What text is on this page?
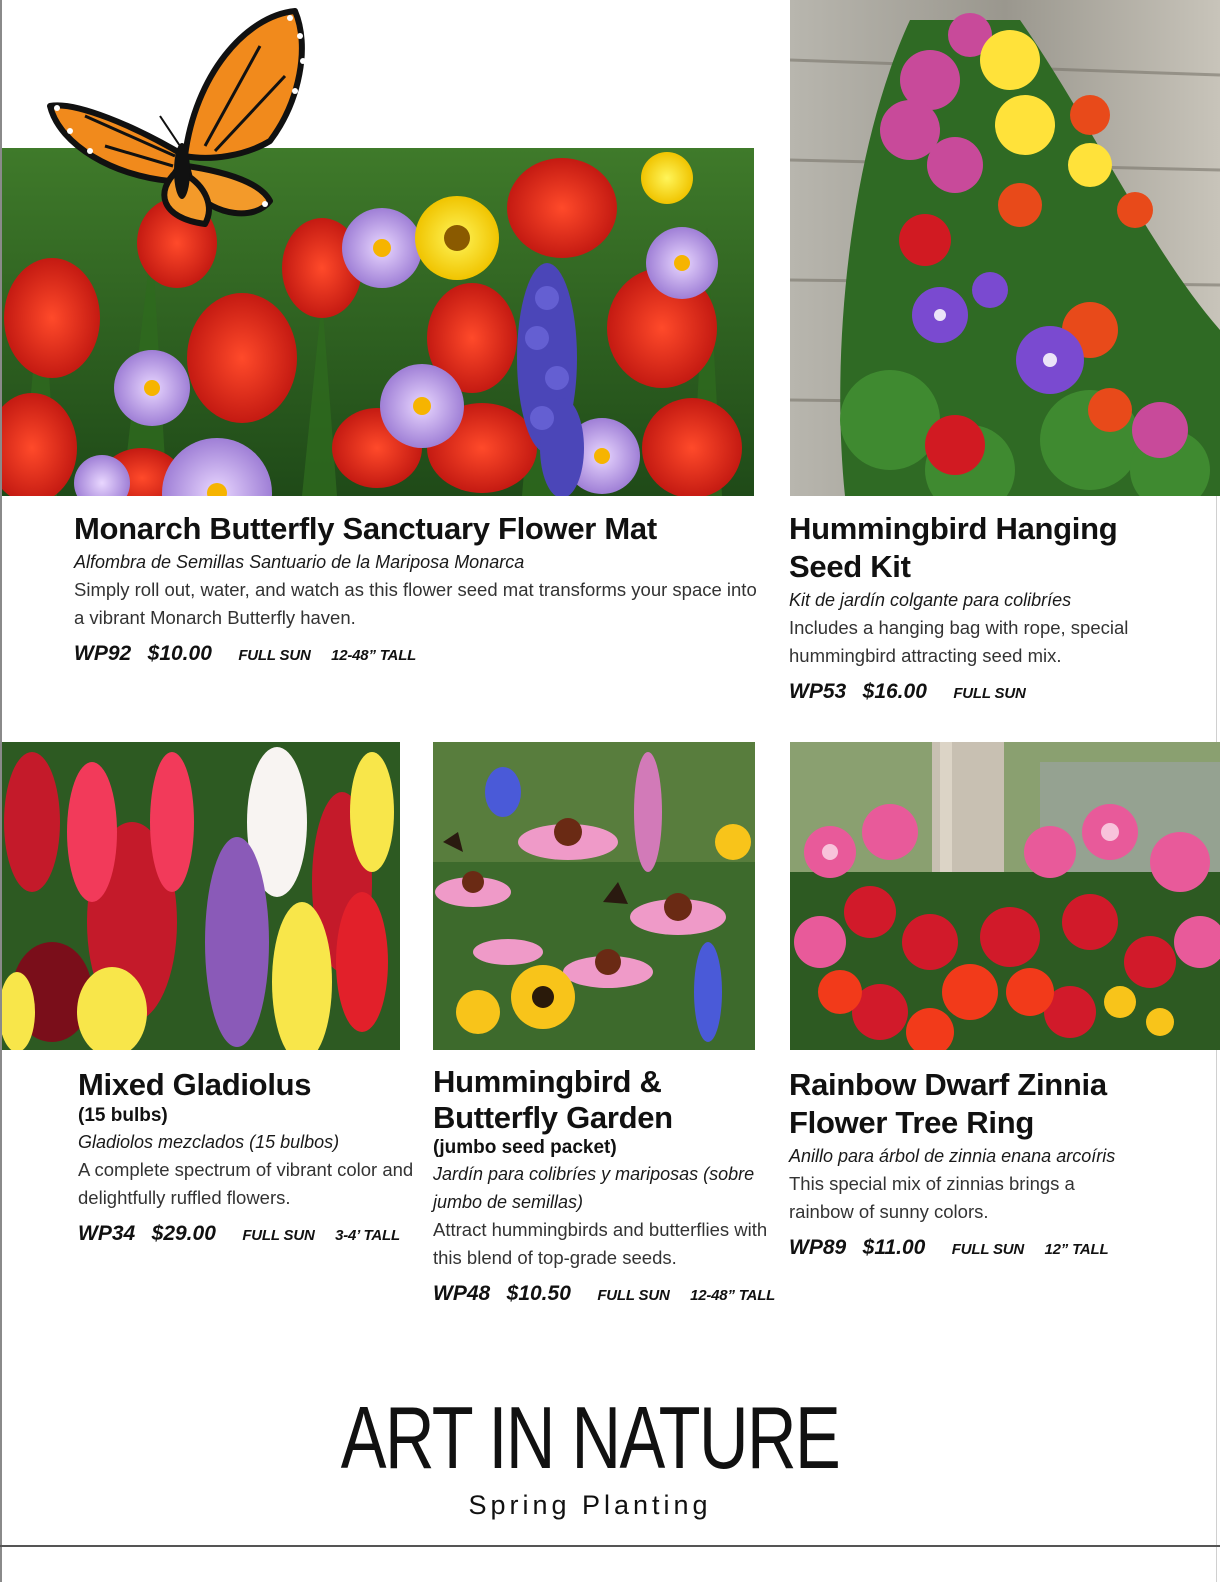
Monarch Butterfly Sanctuary Flower Mat
Alfombra de Semillas Santuario de la Mariposa Monarca
Simply roll out, water, and watch as this flower seed mat transforms your space into a vibrant Monarch Butterfly haven.
WP92 $10.00 FULL SUN 12-48” TALL
Hummingbird Hanging Seed Kit
Kit de jardín colgante para colibríes
Includes a hanging bag with rope, special hummingbird attracting seed mix.
WP53 $16.00 FULL SUN
Mixed Gladiolus
(15 bulbs)
Gladiolos mezclados (15 bulbos)
A complete spectrum of vibrant color and delightfully ruffled flowers.
WP34 $29.00 FULL SUN 3-4’ TALL
Hummingbird & Butterfly Garden
(jumbo seed packet)
Jardín para colibríes y mariposas (sobre jumbo de semillas)
Attract hummingbirds and butterflies with this blend of top-grade seeds.
WP48 $10.50 FULL SUN 12-48” TALL
Rainbow Dwarf Zinnia Flower Tree Ring
Anillo para árbol de zinnia enana arcoíris
This special mix of zinnias brings a rainbow of sunny colors.
WP89 $11.00 FULL SUN 12” TALL
ART IN NATURE
Spring Planting
